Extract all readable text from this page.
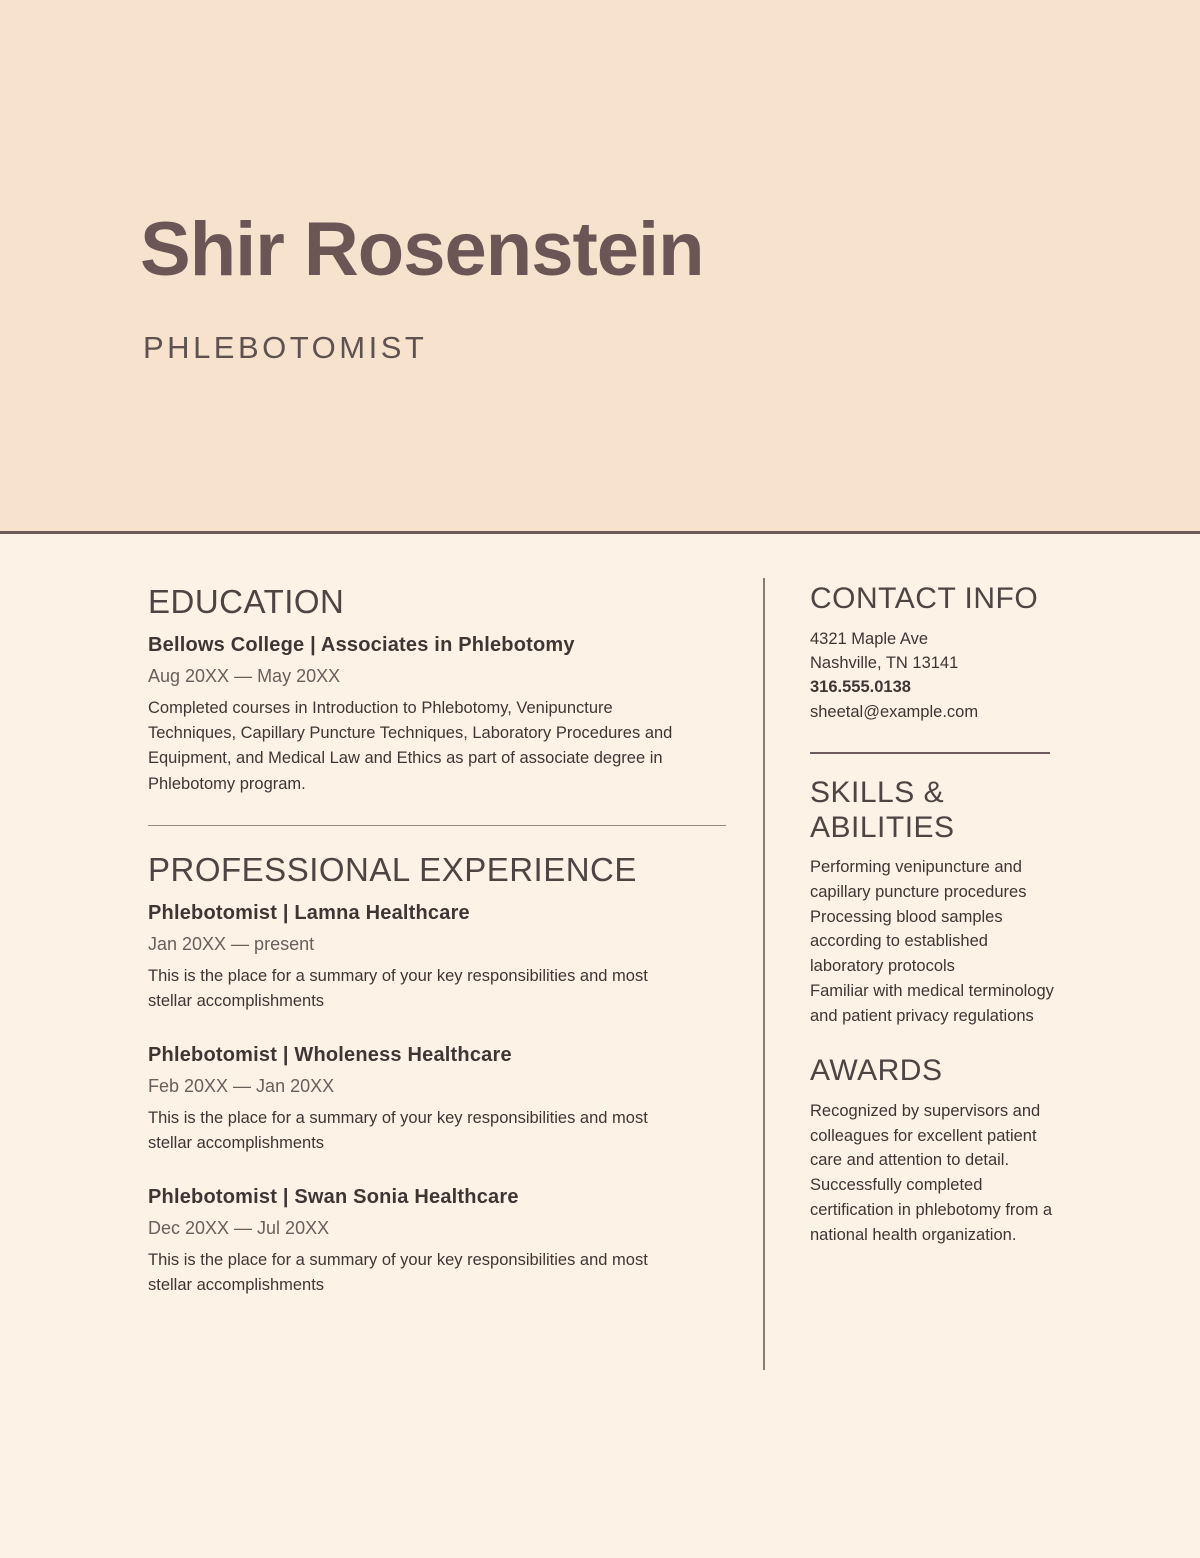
Shir Rosenstein
PHLEBOTOMIST
EDUCATION

Bellows College | Associates in Phlebotomy

Aug 20XX — May 20XX

Completed courses in Introduction to Phlebotomy, Venipuncture Techniques, Capillary Puncture Techniques, Laboratory Procedures and Equipment, and Medical Law and Ethics as part of associate degree in Phlebotomy program.

PROFESSIONAL EXPERIENCE

Phlebotomist | Lamna Healthcare

Jan 20XX — present

This is the place for a summary of your key responsibilities and most stellar accomplishments

Phlebotomist | Wholeness Healthcare

Feb 20XX — Jan 20XX

This is the place for a summary of your key responsibilities and most stellar accomplishments

Phlebotomist | Swan Sonia Healthcare

Dec 20XX — Jul 20XX

This is the place for a summary of your key responsibilities and most stellar accomplishments

CONTACT INFO
4321 Maple Ave
Nashville, TN 13141
316.555.0138
sheetal@example.com
SKILLS & ABILITIES

Performing venipuncture and capillary puncture procedures
Processing blood samples according to established laboratory protocols
Familiar with medical terminology and patient privacy regulations

AWARDS

Recognized by supervisors and colleagues for excellent patient care and attention to detail. Successfully completed certification in phlebotomy from a national health organization.
